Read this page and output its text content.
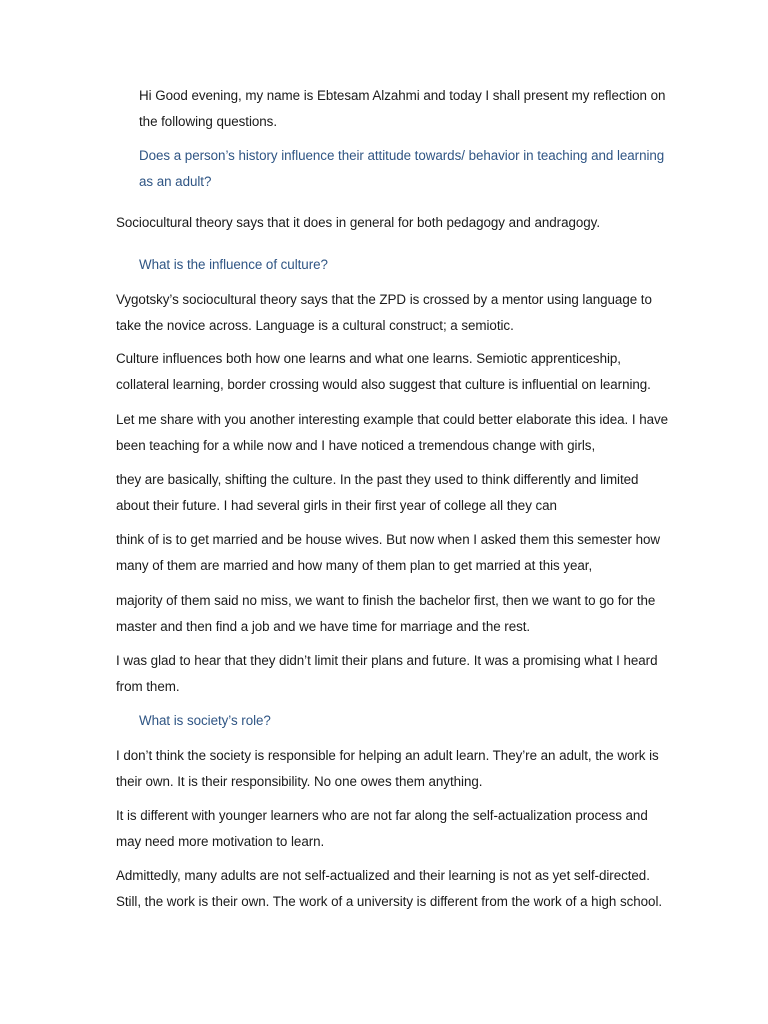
Hi Good evening, my name is Ebtesam Alzahmi and today I shall present my reflection on
the following questions.
Does a person’s history influence their attitude towards/ behavior in teaching and learning
as an adult?
Sociocultural theory says that it does in general for both pedagogy and andragogy.
What is the influence of culture?
Vygotsky’s sociocultural theory says that the ZPD is crossed by a mentor using language to
take the novice across. Language is a cultural construct; a semiotic.
Culture influences both how one learns and what one learns. Semiotic apprenticeship,
collateral learning, border crossing would also suggest that culture is influential on learning.
Let me share with you another interesting example that could better elaborate this idea. I have
been teaching for a while now and I have noticed a tremendous change with girls,
they are basically, shifting the culture. In the past they used to think differently and limited
about their future. I had several girls in their first year of college all they can
think of is to get married and be house wives. But now when I asked them this semester how
many of them are married and how many of them plan to get married at this year,
majority of them said no miss, we want to finish the bachelor first, then we want to go for the
master and then find a job and we have time for marriage and the rest.
I was glad to hear that they didn’t limit their plans and future. It was a promising what I heard
from them.
What is society’s role?
I don’t think the society is responsible for helping an adult learn. They’re an adult, the work is
their own. It is their responsibility. No one owes them anything.
It is different with younger learners who are not far along the self-actualization process and
may need more motivation to learn.
Admittedly, many adults are not self-actualized and their learning is not as yet self-directed.
Still, the work is their own. The work of a university is different from the work of a high school.
